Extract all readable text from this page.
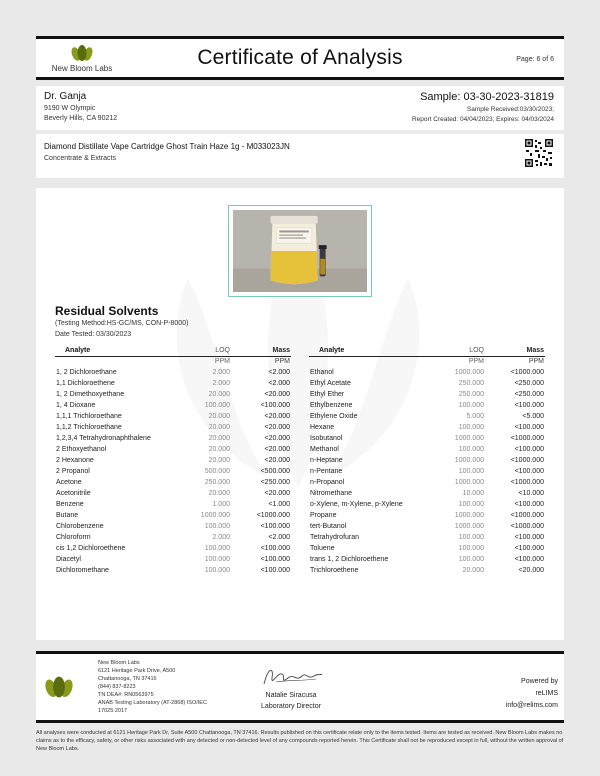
New Bloom Labs	Certificate of Analysis	Page: 6 of 6
Dr. Ganja
9190 W Olympic
Beverly Hills, CA 90212
Sample: 03-30-2023-31819
Sample Received:03/30/2023;
Report Created: 04/04/2023; Expires: 04/03/2024
Diamond Distillate Vape Cartridge Ghost Train Haze 1g - M033023JN
Concentrate & Extracts
Residual Solvents
(Testing Method:HS-GC/MS, CON-P-8000)
Date Tested: 03/30/2023
Analyte	LOQ	Mass
	PPM	PPM
1, 2 Dichloroethane	2.000	<2.000
1,1 Dichloroethene	2.000	<2.000
1, 2 Dimethoxyethane	20.000	<20.000
1, 4 Dioxane	100.000	<100.000
1,1,1 Trichloroethane	20.000	<20.000
1,1,2 Trichloroethane	20.000	<20.000
1,2,3,4 Tetrahydronaphthalene	20.000	<20.000
2 Ethoxyethanol	20.000	<20.000
2 Hexanone	20.000	<20.000
2 Propanol	500.000	<500.000
Acetone	250.000	<250.000
Acetonitrile	20.000	<20.000
Benzene	1.000	<1.000
Butane	1000.000	<1000.000
Chlorobenzene	100.000	<100.000
Chloroform	2.000	<2.000
cis 1,2 Dichloroethene	100.000	<100.000
Diacetyl	100.000	<100.000
Dichloromethane	100.000	<100.000
Analyte	LOQ	Mass
	PPM	PPM
Ethanol	1000.000	<1000.000
Ethyl Acetate	250.000	<250.000
Ethyl Ether	250.000	<250.000
Ethylbenzene	100.000	<100.000
Ethylene Oxide	5.000	<5.000
Hexane	100.000	<100.000
Isobutanol	1000.000	<1000.000
Methanol	100.000	<100.000
n-Heptane	1000.000	<1000.000
n-Pentane	100.000	<100.000
n-Propanol	1000.000	<1000.000
Nitromethane	10.000	<10.000
o-Xylene, m-Xylene, p-Xylene	100.000	<100.000
Propane	1000.000	<1000.000
tert-Butanol	1000.000	<1000.000
Tetrahydrofuran	100.000	<100.000
Toluene	100.000	<100.000
trans 1, 2 Dichloroethene	100.000	<100.000
Trichloroethene	20.000	<20.000
New Bloom Labs
6121 Heritage Park Drive, A500
Chattanooga, TN 37416
(844) 837-8223
TN DEA#: RN0563975
ANAB Testing Laboratory (AT-2868) ISO/IEC
17025:2017
Natalie Siracusa
Laboratory Director
Powered by
reLIMS
info@relims.com
All analyses were conducted at 6121 Heritage Park Dr, Suite A500 Chattanooga, TN 37416. Results published on this certificate relate only to the items tested. Items are tested as received. New Bloom Labs makes no claims as to the efficacy, safety, or other risks associated with any detected or non-detected level of any compounds reported herein. This Certificate shall not be reproduced except in full, without the written approval of New Bloom Labs.
